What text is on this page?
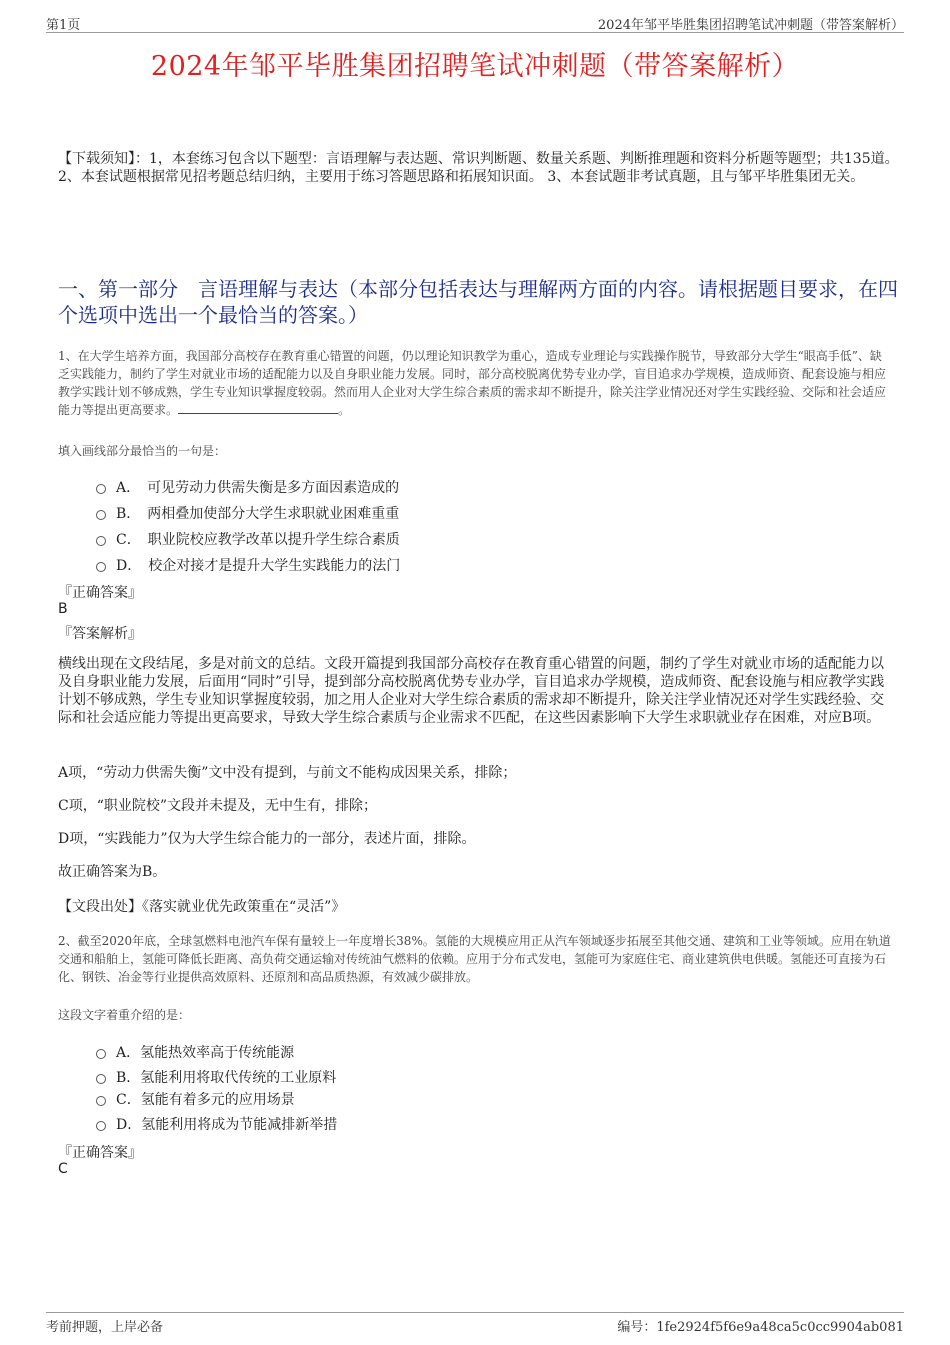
第1页	2024年邹平毕胜集团招聘笔试冲刺题（带答案解析）
2024年邹平毕胜集团招聘笔试冲刺题（带答案解析）
【下载须知】：1，本套练习包含以下题型：言语理解与表达题、常识判断题、数量关系题、判断推理题和资料分析题等题型；共135道。 2、本套试题根据常见招考题总结归纳，主要用于练习答题思路和拓展知识面。 3、本套试题非考试真题，且与邹平毕胜集团无关。
一、第一部分　言语理解与表达（本部分包括表达与理解两方面的内容。请根据题目要求，在四个选项中选出一个最恰当的答案。）
1、在大学生培养方面，我国部分高校存在教育重心错置的问题，仍以理论知识教学为重心，造成专业理论与实践操作脱节，导致部分大学生“眼高手低”、缺乏实践能力，制约了学生对就业市场的适配能力以及自身职业能力发展。同时，部分高校脱离优势专业办学，盲目追求办学规模，造成师资、配套设施与相应教学实践计划不够成熟，学生专业知识掌握度较弱。然而用人企业对大学生综合素质的需求却不断提升，除关注学业情况还对学生实践经验、交际和社会适应能力等提出更高要求。	。
填入画线部分最恰当的一句是：
A．　可见劳动力供需失衡是多方面因素造成的
B．　两相叠加使部分大学生求职就业困难重重
C．　职业院校应教学改革以提升学生综合素质
D．　校企对接才是提升大学生实践能力的法门
『正确答案』
B
『答案解析』
横线出现在文段结尾，多是对前文的总结。文段开篇提到我国部分高校存在教育重心错置的问题，制约了学生对就业市场的适配能力以及自身职业能力发展，后面用“同时”引导，提到部分高校脱离优势专业办学，盲目追求办学规模，造成师资、配套设施与相应教学实践计划不够成熟，学生专业知识掌握度较弱，加之用人企业对大学生综合素质的需求却不断提升，除关注学业情况还对学生实践经验、交际和社会适应能力等提出更高要求，导致大学生综合素质与企业需求不匹配，在这些因素影响下大学生求职就业存在困难，对应B项。
A项，“劳动力供需失衡”文中没有提到，与前文不能构成因果关系，排除；
C项，“职业院校”文段并未提及，无中生有，排除；
D项，“实践能力”仅为大学生综合能力的一部分，表述片面，排除。
故正确答案为B。
【文段出处】《落实就业优先政策重在“灵活”》
2、截至2020年底，全球氢燃料电池汽车保有量较上一年度增长38%。氢能的大规模应用正从汽车领域逐步拓展至其他交通、建筑和工业等领域。应用在轨道交通和船舶上，氢能可降低长距离、高负荷交通运输对传统油气燃料的依赖。应用于分布式发电，氢能可为家庭住宅、商业建筑供电供暖。氢能还可直接为石化、钢铁、冶金等行业提供高效原料、还原剂和高品质热源，有效减少碳排放。
这段文字着重介绍的是：
A．氢能热效率高于传统能源
B．氢能利用将取代传统的工业原料
C．氢能有着多元的应用场景
D．氢能利用将成为节能减排新举措
『正确答案』
C
考前押题，上岸必备	编号：1fe2924f5f6e9a48ca5c0cc9904ab081
